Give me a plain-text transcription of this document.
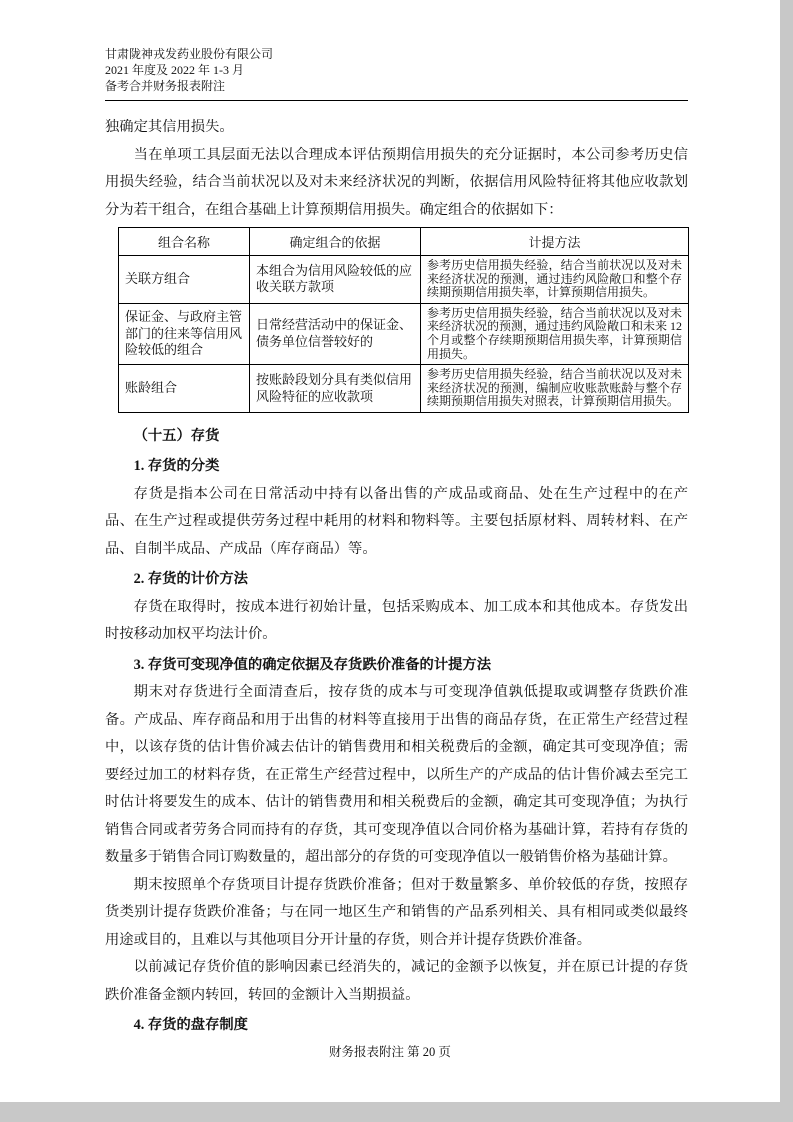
甘肃陇神戎发药业股份有限公司
2021 年度及 2022 年 1-3 月
备考合并财务报表附注

独确定其信用损失。

当在单项工具层面无法以合理成本评估预期信用损失的充分证据时，本公司参考历史信用损失经验，结合当前状况以及对未来经济状况的判断，依据信用风险特征将其他应收款划分为若干组合，在组合基础上计算预期信用损失。确定组合的依据如下：

组合名称	确定组合的依据	计提方法
关联方组合	本组合为信用风险较低的应收关联方款项	参考历史信用损失经验，结合当前状况以及对未来经济状况的预测，通过违约风险敞口和整个存续期预期信用损失率，计算预期信用损失。
保证金、与政府主管部门的往来等信用风险较低的组合	日常经营活动中的保证金、债务单位信誉较好的	参考历史信用损失经验，结合当前状况以及对未来经济状况的预测，通过违约风险敞口和未来 12 个月或整个存续期预期信用损失率，计算预期信用损失。
账龄组合	按账龄段划分具有类似信用风险特征的应收款项	参考历史信用损失经验，结合当前状况以及对未来经济状况的预测，编制应收账款账龄与整个存续期预期信用损失对照表，计算预期信用损失。
（十五）存货
1. 存货的分类

存货是指本公司在日常活动中持有以备出售的产成品或商品、处在生产过程中的在产品、在生产过程或提供劳务过程中耗用的材料和物料等。主要包括原材料、周转材料、在产品、自制半成品、产成品（库存商品）等。

2. 存货的计价方法

存货在取得时，按成本进行初始计量，包括采购成本、加工成本和其他成本。存货发出时按移动加权平均法计价。

3. 存货可变现净值的确定依据及存货跌价准备的计提方法

期末对存货进行全面清查后，按存货的成本与可变现净值孰低提取或调整存货跌价准备。产成品、库存商品和用于出售的材料等直接用于出售的商品存货，在正常生产经营过程中，以该存货的估计售价减去估计的销售费用和相关税费后的金额，确定其可变现净值；需要经过加工的材料存货，在正常生产经营过程中，以所生产的产成品的估计售价减去至完工时估计将要发生的成本、估计的销售费用和相关税费后的金额，确定其可变现净值；为执行销售合同或者劳务合同而持有的存货，其可变现净值以合同价格为基础计算，若持有存货的数量多于销售合同订购数量的，超出部分的存货的可变现净值以一般销售价格为基础计算。

期末按照单个存货项目计提存货跌价准备；但对于数量繁多、单价较低的存货，按照存货类别计提存货跌价准备；与在同一地区生产和销售的产品系列相关、具有相同或类似最终用途或目的，且难以与其他项目分开计量的存货，则合并计提存货跌价准备。

以前减记存货价值的影响因素已经消失的，减记的金额予以恢复，并在原已计提的存货跌价准备金额内转回，转回的金额计入当期损益。

4. 存货的盘存制度
财务报表附注 第 20 页
